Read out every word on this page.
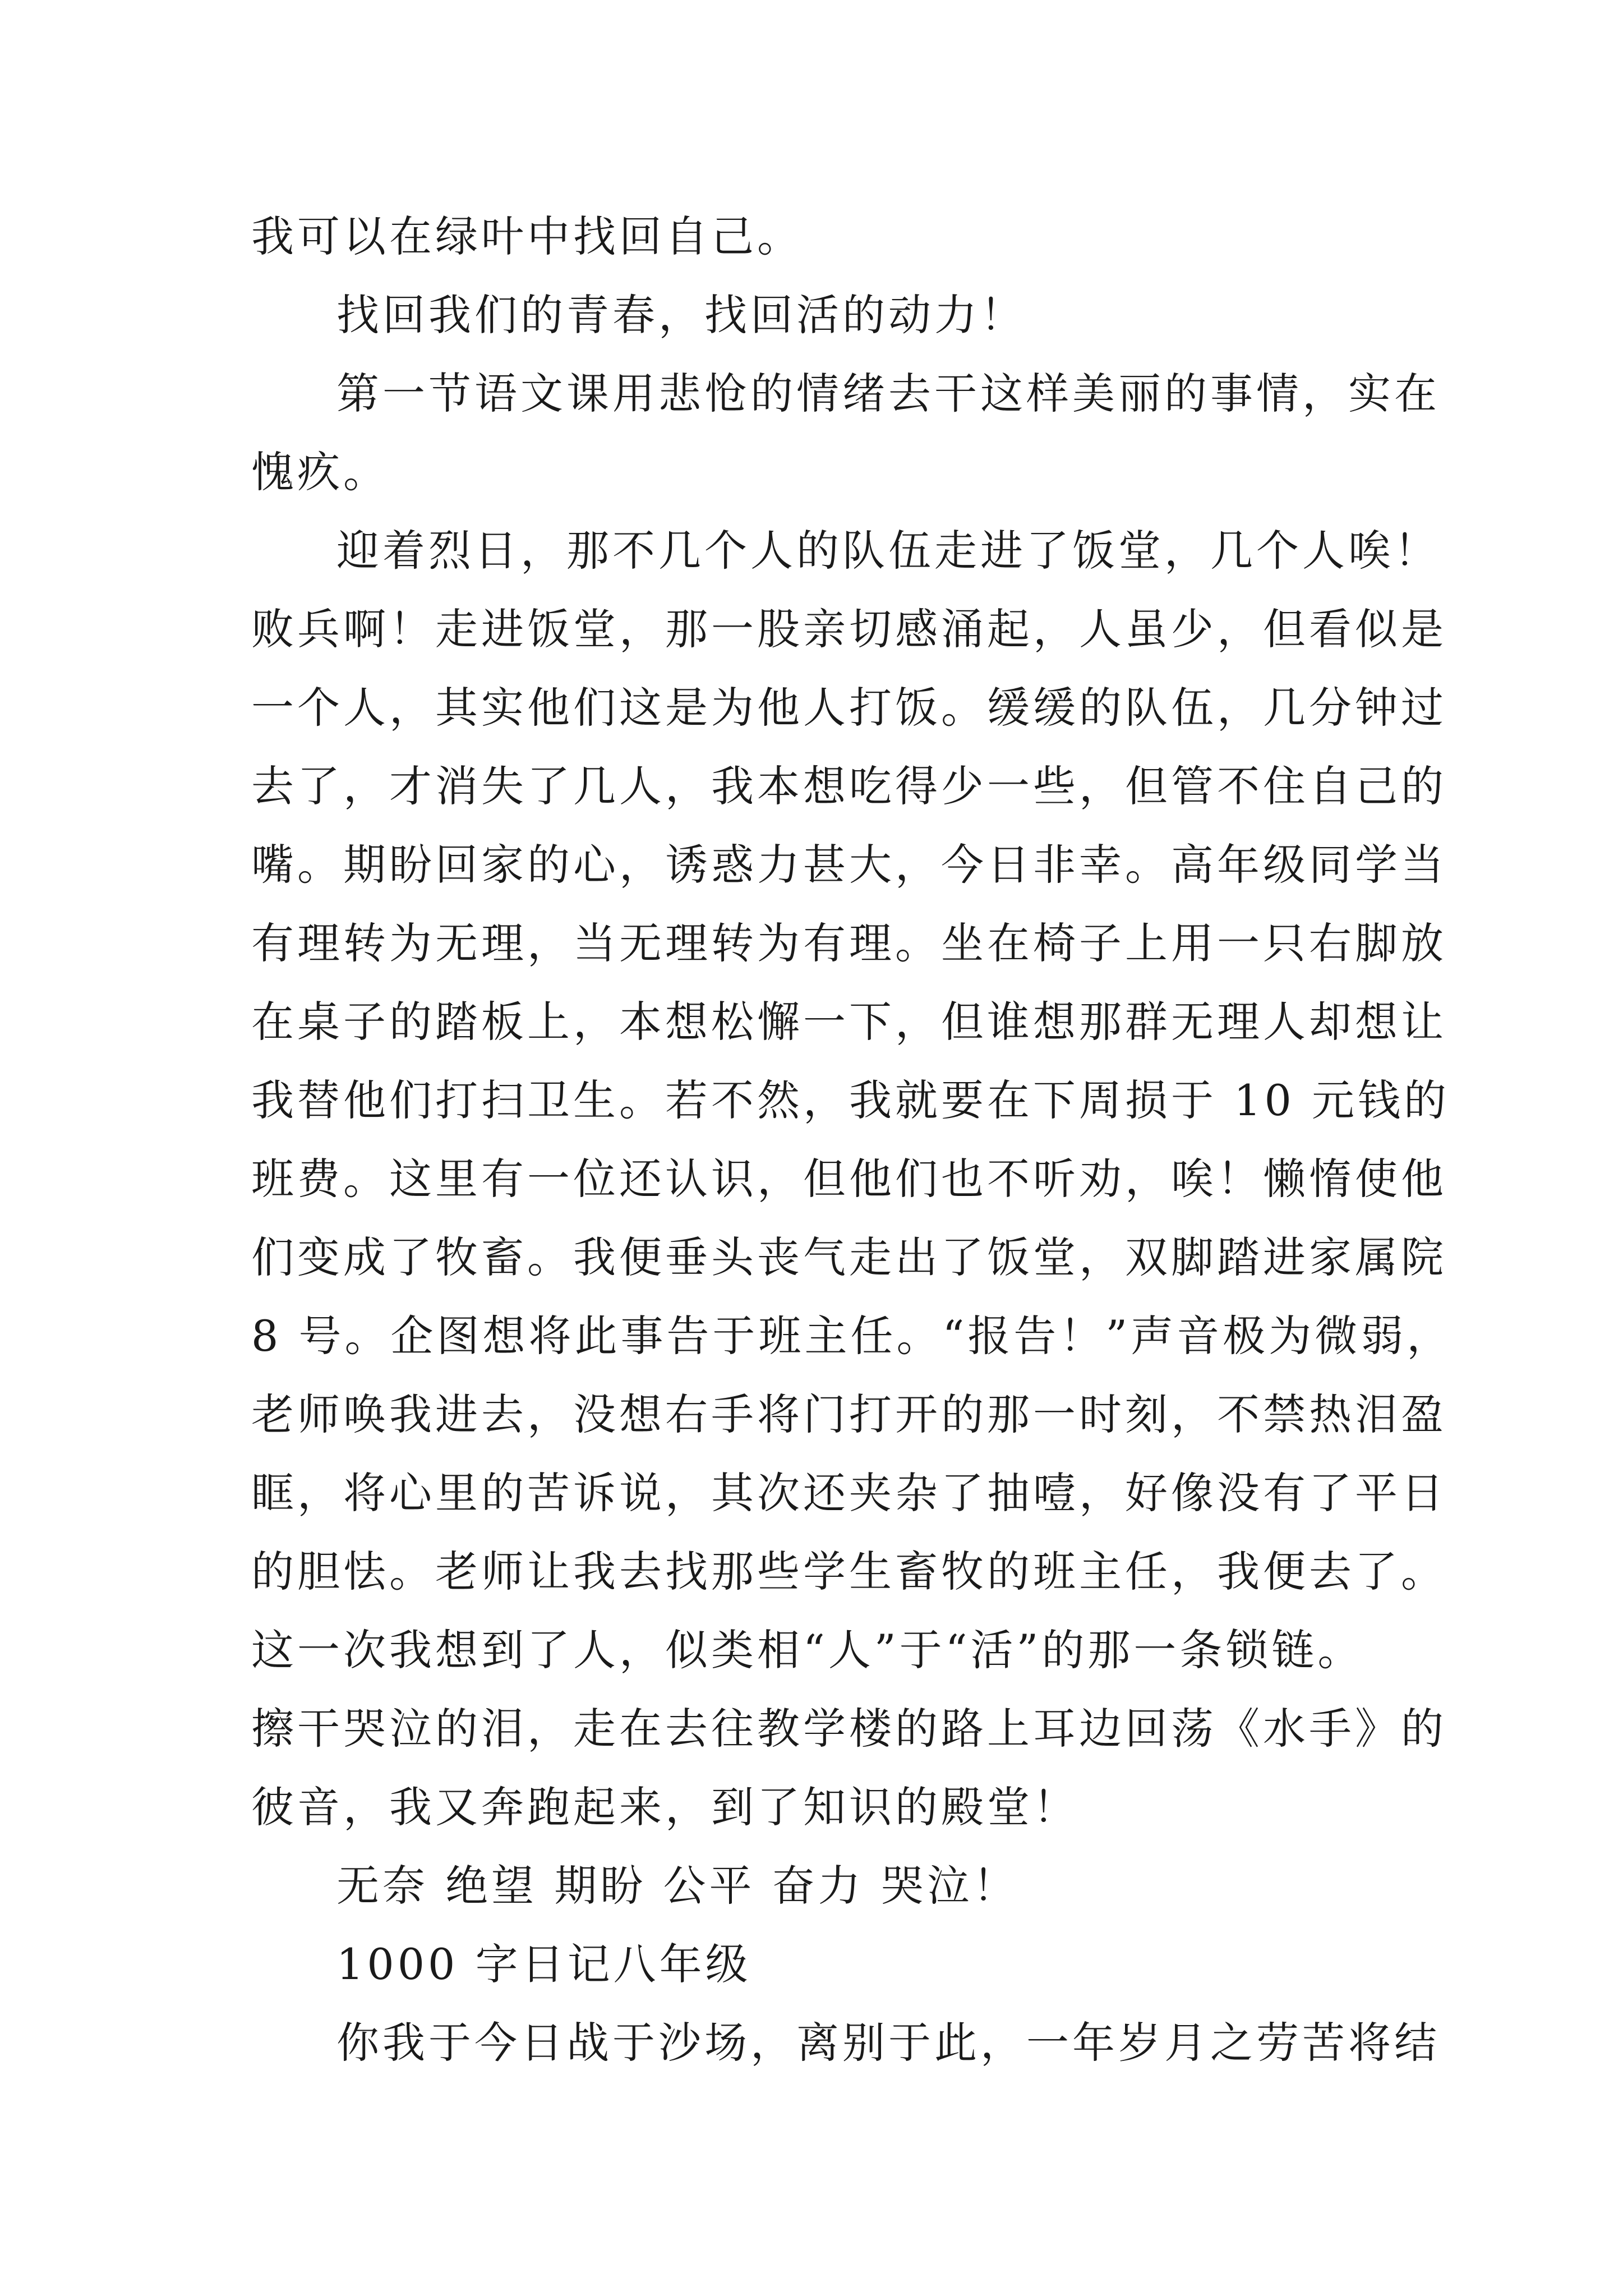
我可以在绿叶中找回自己。
找回我们的青春，找回活的动力！
第一节语文课用悲怆的情绪去干这样美丽的事情，实在
愧疚。
迎着烈日，那不几个人的队伍走进了饭堂，几个人唉！
败兵啊！走进饭堂，那一股亲切感涌起，人虽少，但看似是
一个人，其实他们这是为他人打饭。缓缓的队伍，几分钟过
去了，才消失了几人，我本想吃得少一些，但管不住自己的
嘴。期盼回家的心，诱惑力甚大，今日非幸。高年级同学当
有理转为无理，当无理转为有理。坐在椅子上用一只右脚放
在桌子的踏板上，本想松懈一下，但谁想那群无理人却想让
我替他们打扫卫生。若不然，我就要在下周损于 10 元钱的
班费。这里有一位还认识，但他们也不听劝，唉！懒惰使他
们变成了牧畜。我便垂头丧气走出了饭堂，双脚踏进家属院
8 号。企图想将此事告于班主任。“报告！”声音极为微弱，
老师唤我进去，没想右手将门打开的那一时刻，不禁热泪盈
眶，将心里的苦诉说，其次还夹杂了抽噎，好像没有了平日
的胆怯。老师让我去找那些学生畜牧的班主任，我便去了。
这一次我想到了人，似类相“人”于“活”的那一条锁链。
擦干哭泣的泪，走在去往教学楼的路上耳边回荡《水手》的
彼音，我又奔跑起来，到了知识的殿堂！
无奈 绝望 期盼 公平 奋力 哭泣！
1000 字日记八年级
你我于今日战于沙场，离别于此，一年岁月之劳苦将结
